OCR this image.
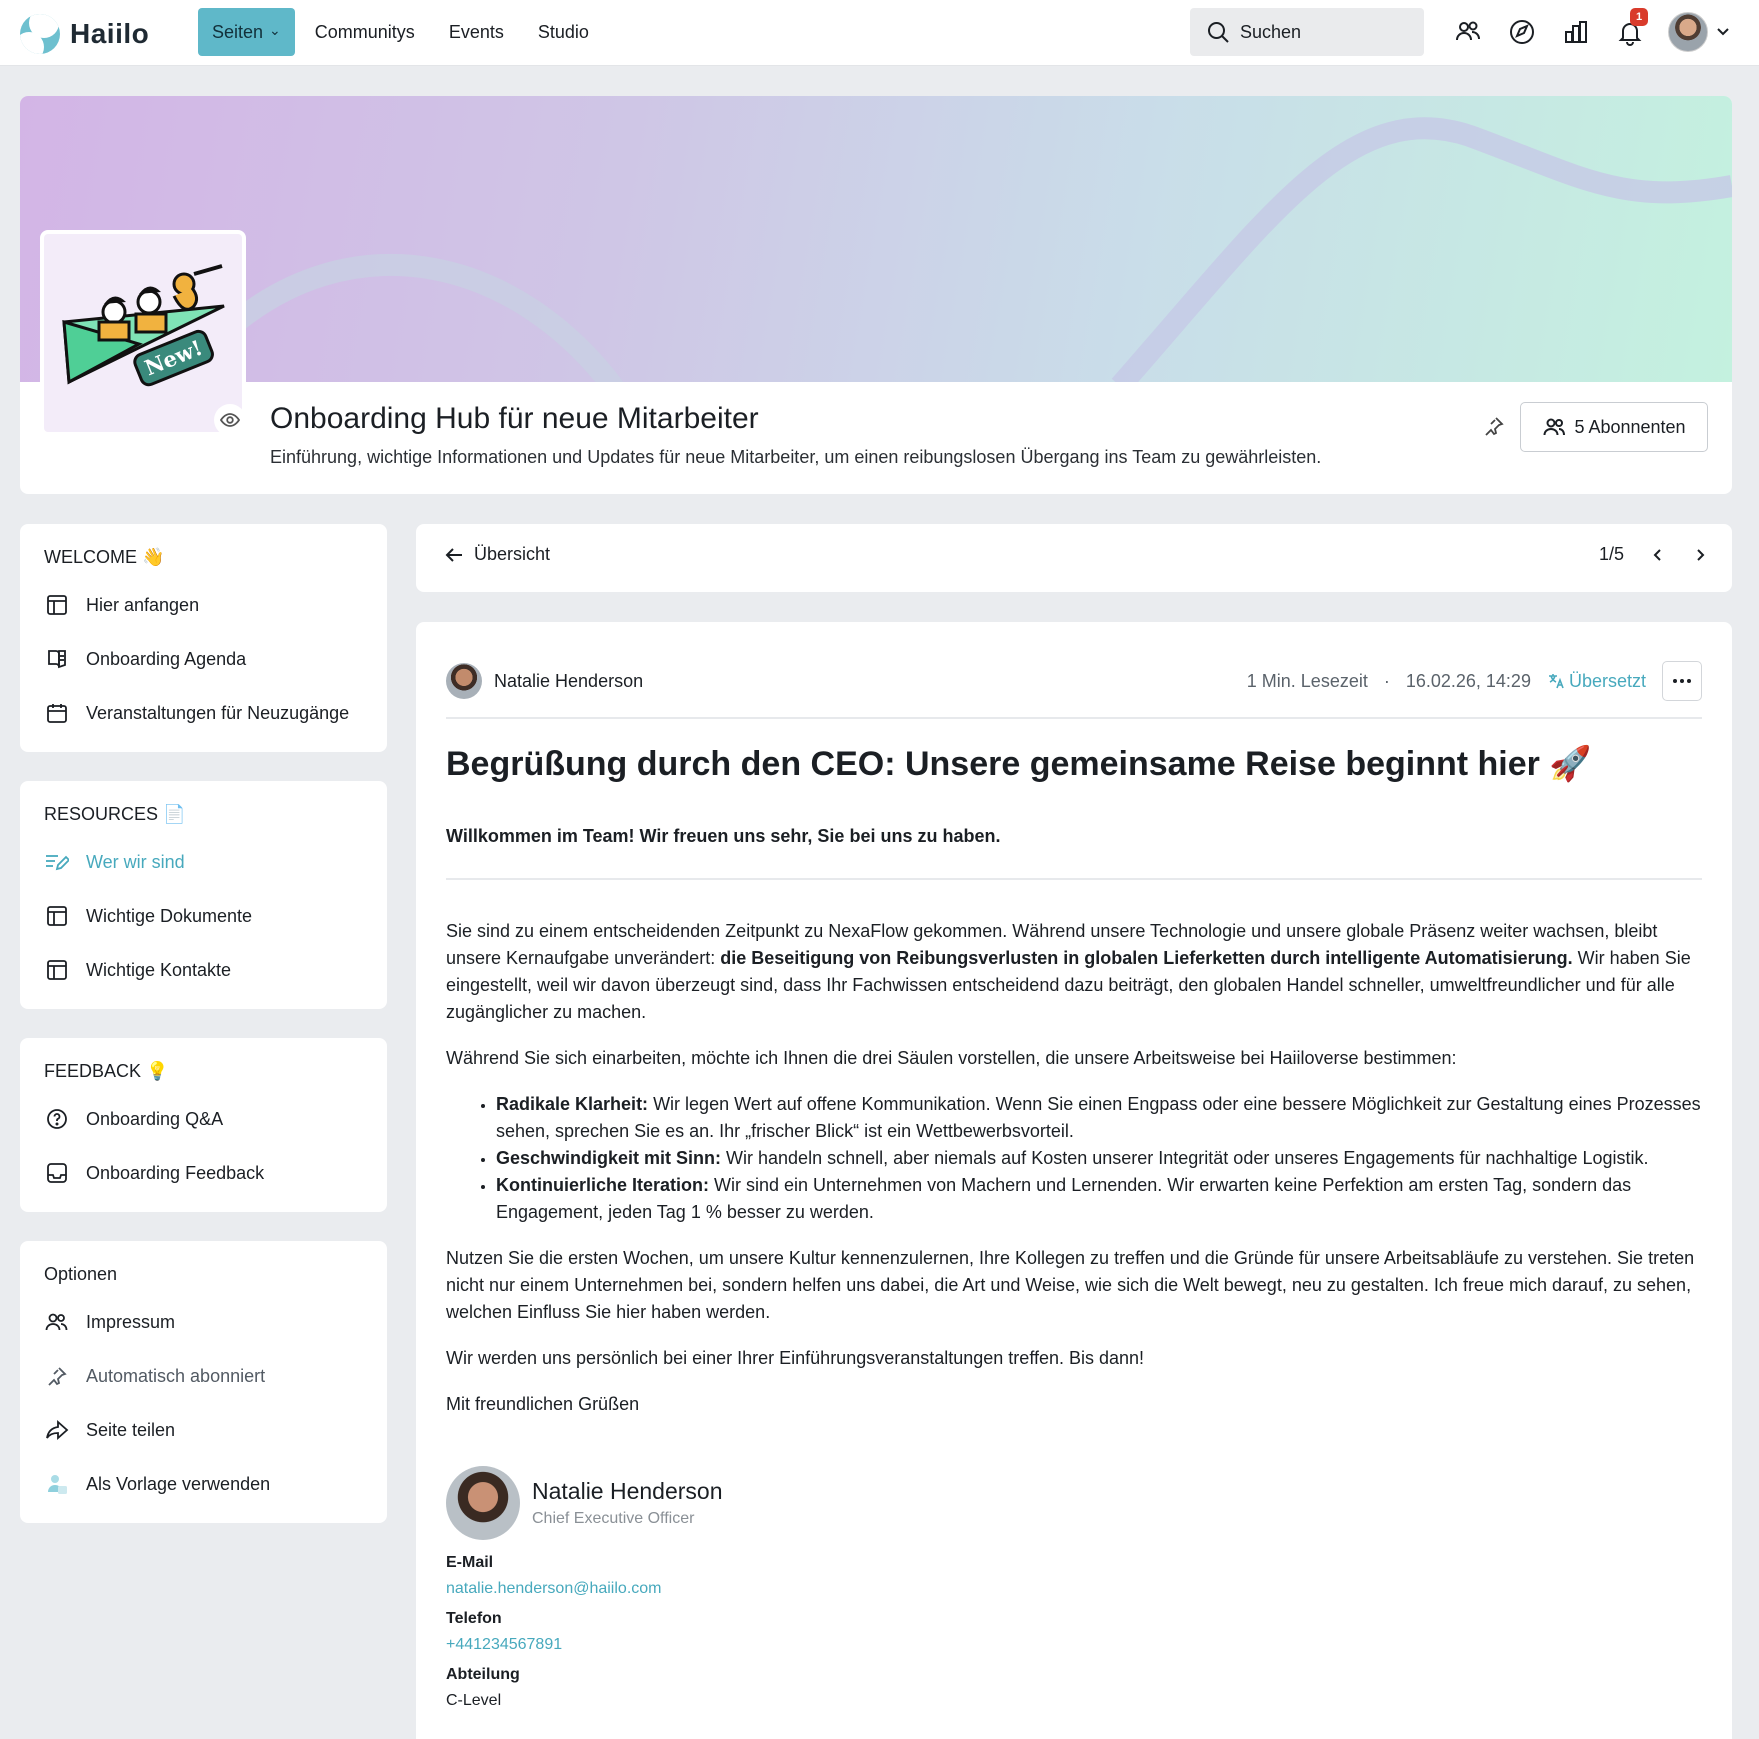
Haiilo	Seiten ⌄	Communitys	Events	Studio	Suchen
1
New!
Onboarding Hub für neue Mitarbeiter
Einführung, wichtige Informationen und Updates für neue Mitarbeiter, um einen reibungslosen Übergang ins Team zu gewährleisten.
5 Abonnenten
WELCOME 👋
Hier anfangen
Onboarding Agenda
Veranstaltungen für Neuzugänge
RESOURCES 📄
Wer wir sind
Wichtige Dokumente
Wichtige Kontakte
FEEDBACK 💡
Onboarding Q&A
Onboarding Feedback
Optionen
Impressum
Automatisch abonniert
Seite teilen
Als Vorlage verwenden
Übersicht	1/5
Natalie Henderson	1 Min. Lesezeit · 16.02.26, 14:29 Übersetzt
Begrüßung durch den CEO: Unsere gemeinsame Reise beginnt hier 🚀
Willkommen im Team! Wir freuen uns sehr, Sie bei uns zu haben.

Sie sind zu einem entscheidenden Zeitpunkt zu NexaFlow gekommen. Während unsere Technologie und unsere globale Präsenz weiter wachsen, bleibt unsere Kernaufgabe unverändert: die Beseitigung von Reibungsverlusten in globalen Lieferketten durch intelligente Automatisierung. Wir haben Sie eingestellt, weil wir davon überzeugt sind, dass Ihr Fachwissen entscheidend dazu beiträgt, den globalen Handel schneller, umweltfreundlicher und für alle zugänglicher zu machen.

Während Sie sich einarbeiten, möchte ich Ihnen die drei Säulen vorstellen, die unsere Arbeitsweise bei Haiiloverse bestimmen:

• Radikale Klarheit: Wir legen Wert auf offene Kommunikation. Wenn Sie einen Engpass oder eine bessere Möglichkeit zur Gestaltung eines Prozesses sehen, sprechen Sie es an. Ihr „frischer Blick“ ist ein Wettbewerbsvorteil.
• Geschwindigkeit mit Sinn: Wir handeln schnell, aber niemals auf Kosten unserer Integrität oder unseres Engagements für nachhaltige Logistik.
• Kontinuierliche Iteration: Wir sind ein Unternehmen von Machern und Lernenden. Wir erwarten keine Perfektion am ersten Tag, sondern das Engagement, jeden Tag 1 % besser zu werden.

Nutzen Sie die ersten Wochen, um unsere Kultur kennenzulernen, Ihre Kollegen zu treffen und die Gründe für unsere Arbeitsabläufe zu verstehen. Sie treten nicht nur einem Unternehmen bei, sondern helfen uns dabei, die Art und Weise, wie sich die Welt bewegt, neu zu gestalten. Ich freue mich darauf, zu sehen, welchen Einfluss Sie hier haben werden.

Wir werden uns persönlich bei einer Ihrer Einführungsveranstaltungen treffen. Bis dann!

Mit freundlichen Grüßen

Natalie Henderson
Chief Executive Officer
E-Mail
natalie.henderson@haiilo.com
Telefon
+441234567891
Abteilung
C-Level
